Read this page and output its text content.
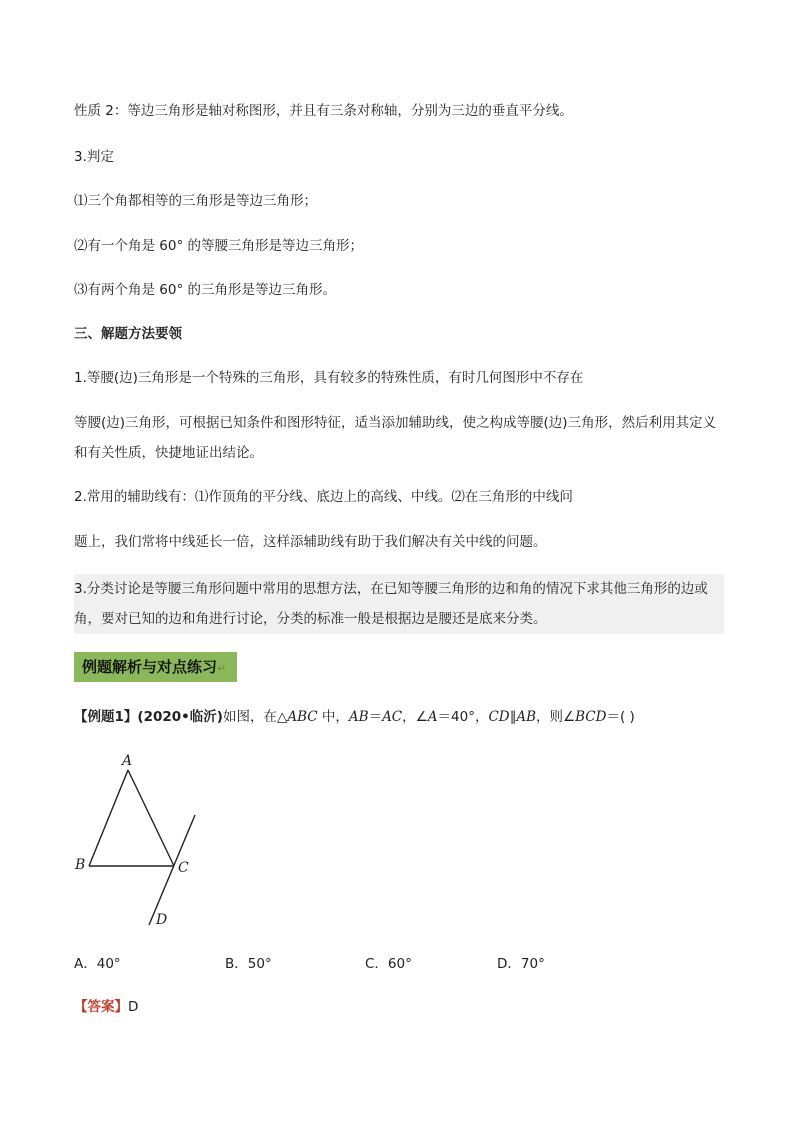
性质 2：等边三角形是轴对称图形，并且有三条对称轴，分别为三边的垂直平分线。
3.判定
⑴三个角都相等的三角形是等边三角形；
⑵有一个角是 60° 的等腰三角形是等边三角形；
⑶有两个角是 60° 的三角形是等边三角形。
三、解题方法要领
1.等腰(边)三角形是一个特殊的三角形，具有较多的特殊性质，有时几何图形中不存在
等腰(边)三角形，可根据已知条件和图形特征，适当添加辅助线，使之构成等腰(边)三角形，然后利用其定义和有关性质，快捷地证出结论。
2.常用的辅助线有：⑴作顶角的平分线、底边上的高线、中线。⑵在三角形的中线问
题上，我们常将中线延长一倍，这样添辅助线有助于我们解决有关中线的问题。
3.分类讨论是等腰三角形问题中常用的思想方法，在已知等腰三角形的边和角的情况下求其他三角形的边或角，要对已知的边和角进行讨论，分类的标准一般是根据边是腰还是底来分类。
例题解析与对点练习↵
【例题1】(2020•临沂)如图，在△ABC 中，AB＝AC，∠A＝40°，CD∥AB，则∠BCD＝( )
A
B	C
D
A．40°	B．50°	C．60°	D．70°
【答案】D
